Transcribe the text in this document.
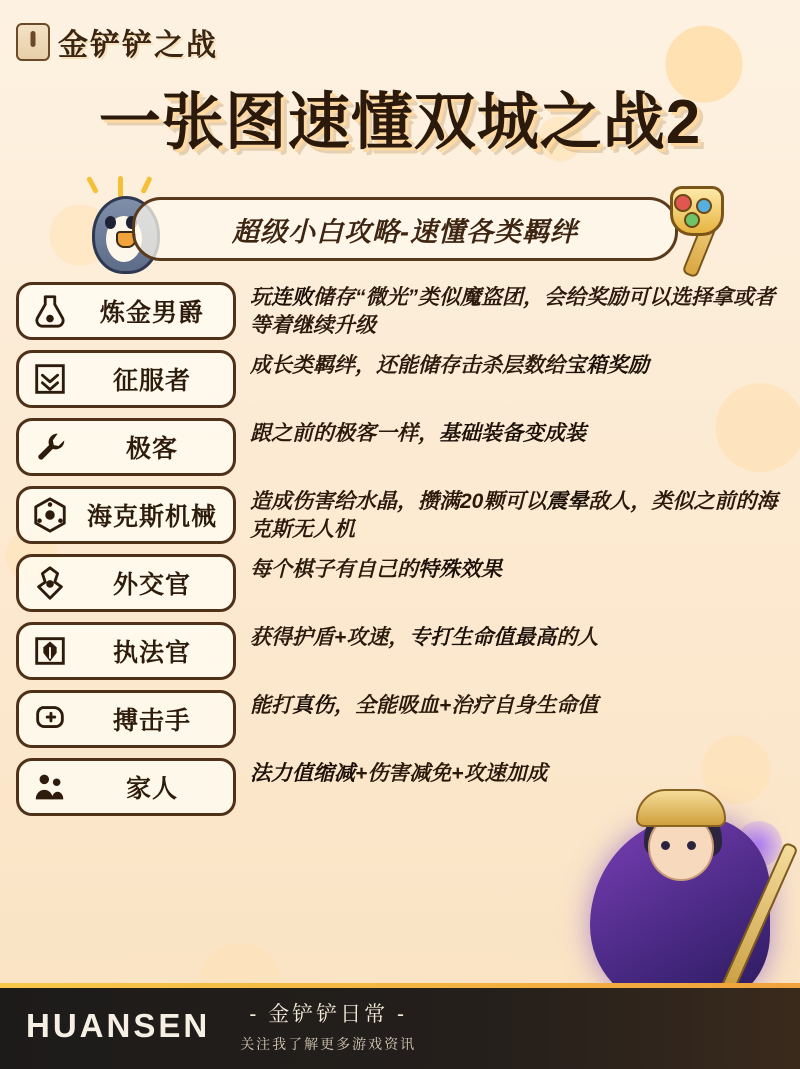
金铲铲之战
一张图速懂双城之战2
超级小白攻略-速懂各类羁绊
炼金男爵
玩连败储存“微光”类似魔盗团，会给奖励可以选择拿或者等着继续升级
征服者
成长类羁绊，还能储存击杀层数给宝箱奖励
极客
跟之前的极客一样，基础装备变成装
海克斯机械
造成伤害给水晶，攒满20颗可以震晕敌人，类似之前的海克斯无人机
外交官
每个棋子有自己的特殊效果
执法官
获得护盾+攻速，专打生命值最高的人
搏击手
能打真伤，全能吸血+治疗自身生命值
家人
法力值缩减+伤害减免+攻速加成
HUANSEN	- 金铲铲日常 -
关注我了解更多游戏资讯
